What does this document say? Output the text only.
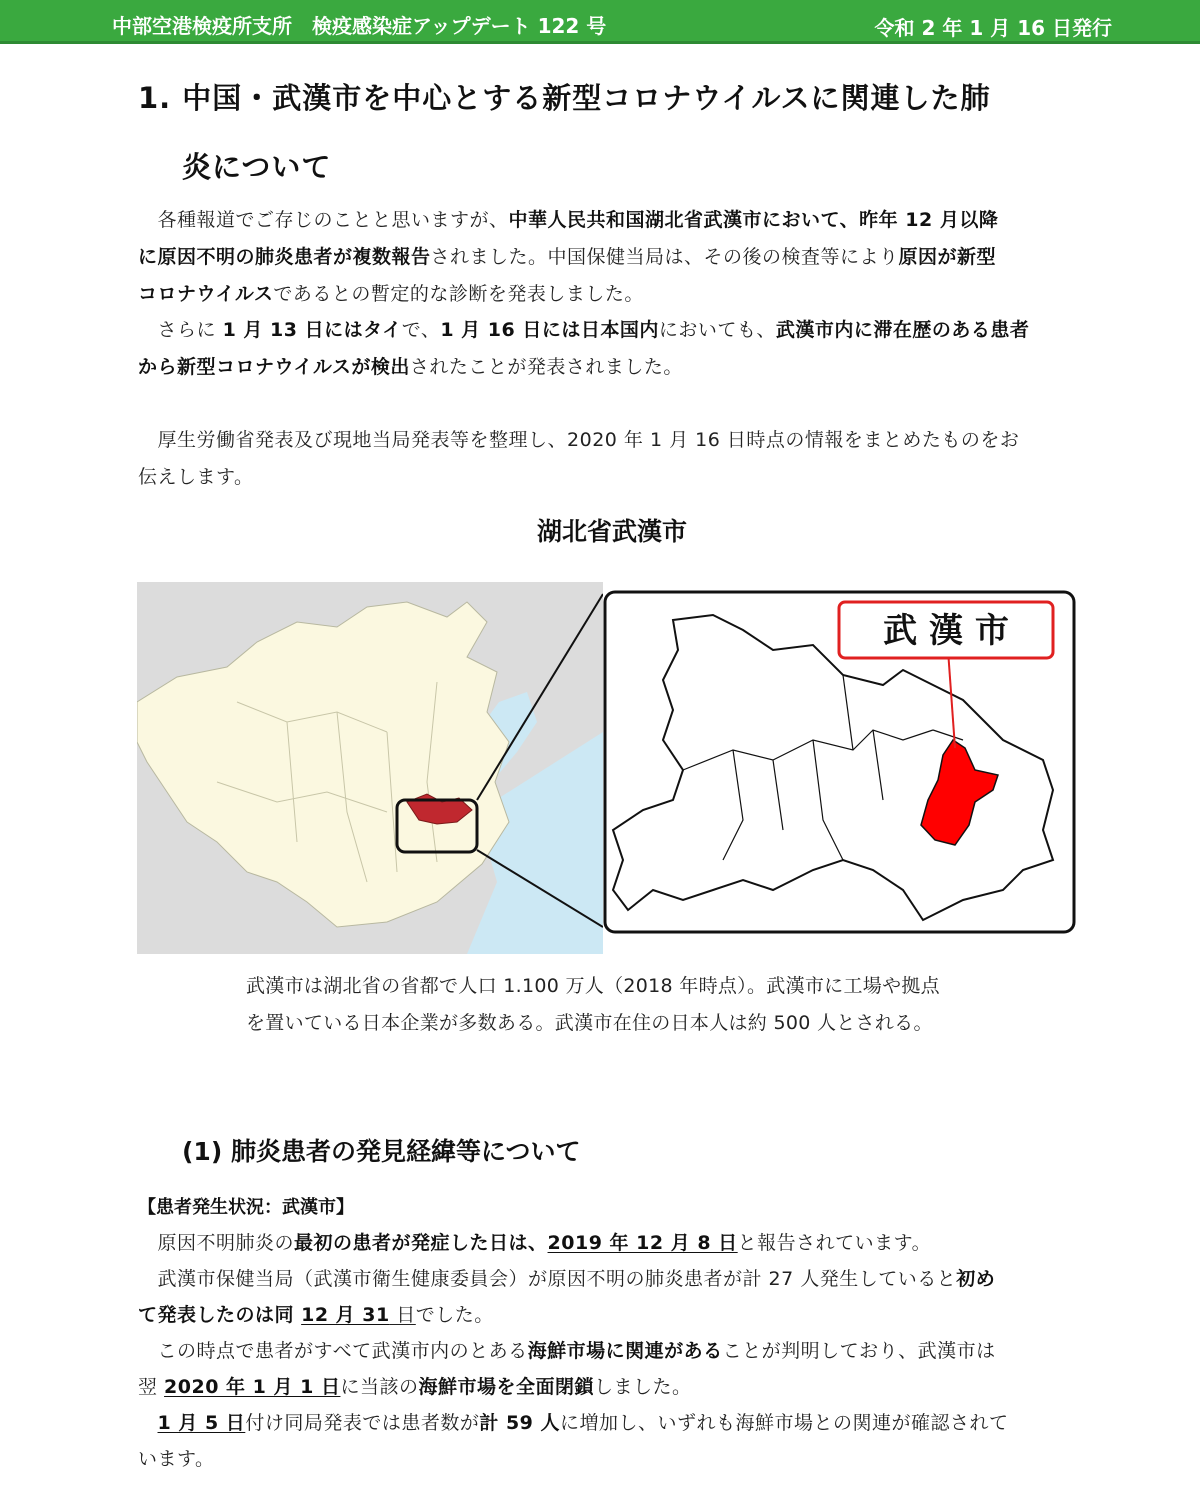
中部空港検疫所支所　検疫感染症アップデート 122 号	令和 2 年 1 月 16 日発行
1. 中国・武漢市を中心とする新型コロナウイルスに関連した肺
炎について
　各種報道でご存じのことと思いますが、中華人民共和国湖北省武漢市において、昨年 12 月以降
に原因不明の肺炎患者が複数報告されました。中国保健当局は、その後の検査等により原因が新型
コロナウイルスであるとの暫定的な診断を発表しました。
　さらに 1 月 13 日にはタイで、1 月 16 日には日本国内においても、武漢市内に滞在歴のある患者
から新型コロナウイルスが検出されたことが発表されました。
　厚生労働省発表及び現地当局発表等を整理し、2020 年 1 月 16 日時点の情報をまとめたものをお
伝えします。
湖北省武漢市
武 漢 市
武漢市は湖北省の省都で人口 1.100 万人（2018 年時点）。武漢市に工場や拠点
を置いている日本企業が多数ある。武漢市在住の日本人は約 500 人とされる。
(1) 肺炎患者の発見経緯等について
【患者発生状況：武漢市】
　原因不明肺炎の最初の患者が発症した日は、2019 年 12 月 8 日と報告されています。
　武漢市保健当局（武漢市衛生健康委員会）が原因不明の肺炎患者が計 27 人発生していると初め
て発表したのは同 12 月 31 日でした。
　この時点で患者がすべて武漢市内のとある海鮮市場に関連があることが判明しており、武漢市は
翌 2020 年 1 月 1 日に当該の海鮮市場を全面閉鎖しました。
　1 月 5 日付け同局発表では患者数が計 59 人に増加し、いずれも海鮮市場との関連が確認されて
います。
